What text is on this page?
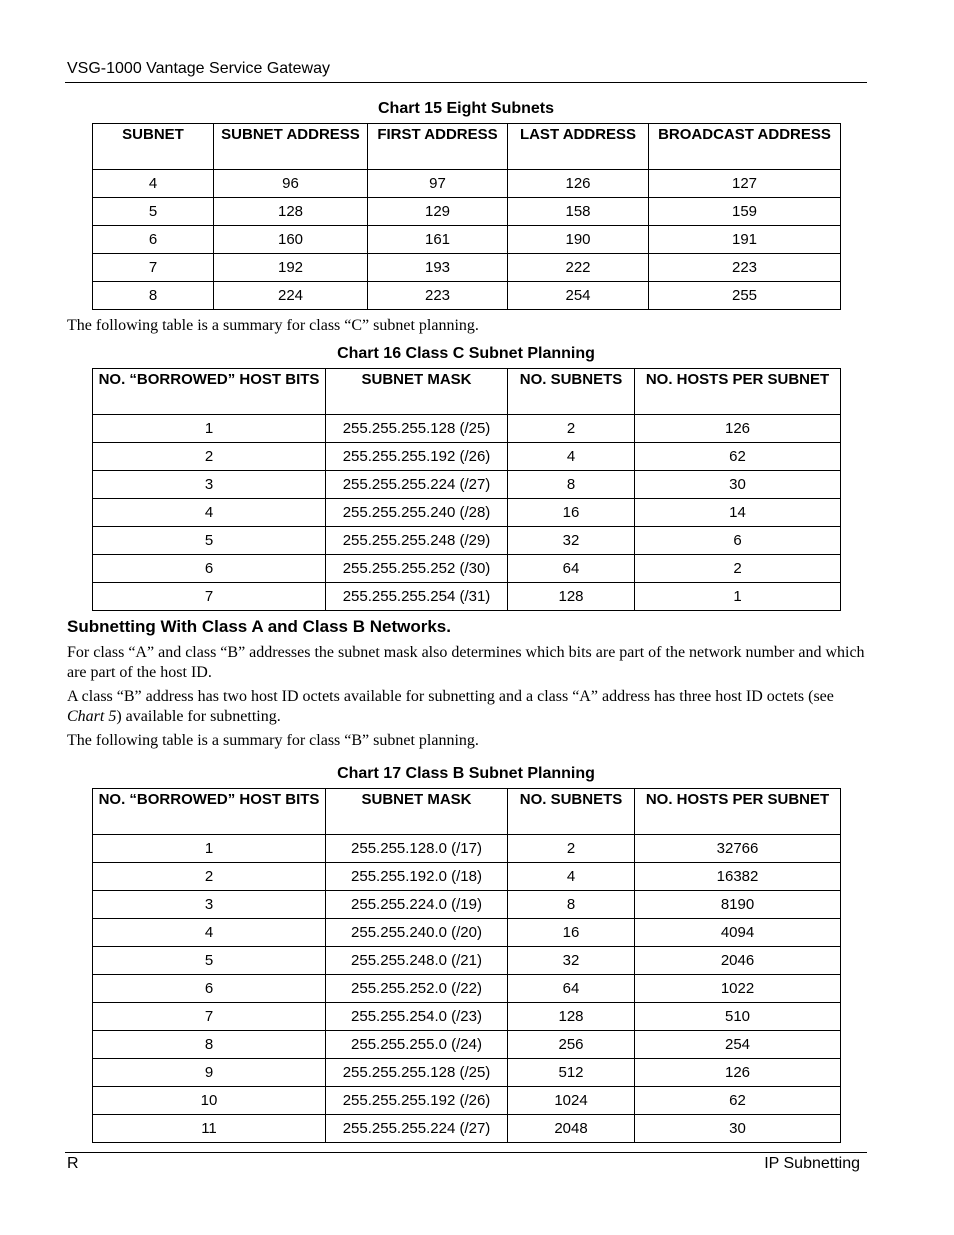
VSG-1000 Vantage Service Gateway
Chart 15 Eight Subnets
SUBNET	SUBNET ADDRESS	FIRST ADDRESS	LAST ADDRESS	BROADCAST ADDRESS
4	96	97	126	127
5	128	129	158	159
6	160	161	190	191
7	192	193	222	223
8	224	223	254	255
The following table is a summary for class “C” subnet planning.
Chart 16 Class C Subnet Planning
NO. “BORROWED” HOST BITS	SUBNET MASK	NO. SUBNETS	NO. HOSTS PER SUBNET
1	255.255.255.128 (/25)	2	126
2	255.255.255.192 (/26)	4	62
3	255.255.255.224 (/27)	8	30
4	255.255.255.240 (/28)	16	14
5	255.255.255.248 (/29)	32	6
6	255.255.255.252 (/30)	64	2
7	255.255.255.254 (/31)	128	1
Subnetting With Class A and Class B Networks.
For class “A” and class “B” addresses the subnet mask also determines which bits are part of the network number and which are part of the host ID.
A class “B” address has two host ID octets available for subnetting and a class “A” address has three host ID octets (see Chart 5) available for subnetting.
The following table is a summary for class “B” subnet planning.
Chart 17 Class B Subnet Planning
NO. “BORROWED” HOST BITS	SUBNET MASK	NO. SUBNETS	NO. HOSTS PER SUBNET
1	255.255.128.0 (/17)	2	32766
2	255.255.192.0 (/18)	4	16382
3	255.255.224.0 (/19)	8	8190
4	255.255.240.0 (/20)	16	4094
5	255.255.248.0 (/21)	32	2046
6	255.255.252.0 (/22)	64	1022
7	255.255.254.0 (/23)	128	510
8	255.255.255.0 (/24)	256	254
9	255.255.255.128 (/25)	512	126
10	255.255.255.192 (/26)	1024	62
11	255.255.255.224 (/27)	2048	30
R	IP Subnetting
